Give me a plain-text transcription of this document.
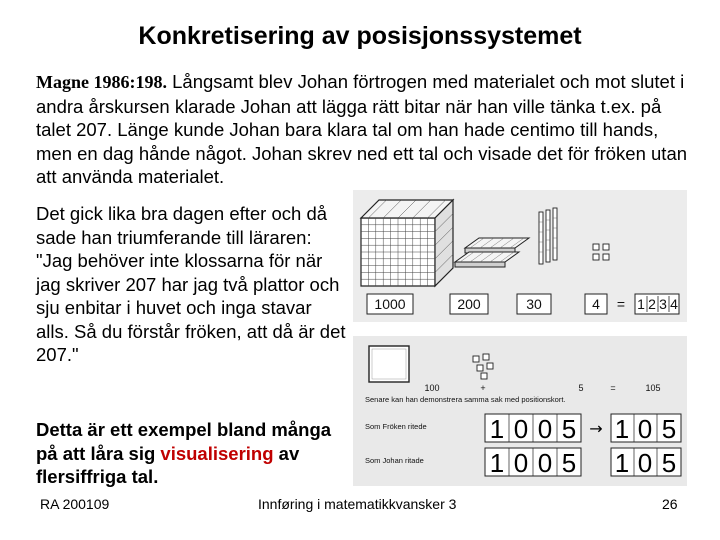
Konkretisering av posisjonssystemet
Magne 1986:198. Långsamt blev Johan förtrogen med materialet och mot slutet i andra årskursen klarade Johan att lägga rätt bitar när han ville tänka t.ex. på talet 207. Länge kunde Johan bara klara tal om han hade centimo till hands, men en dag hånde något. Johan skrev ned ett tal och visade det för fröken utan att använda materialet.
Det gick lika bra dagen efter och då sade han triumferande till läraren: "Jag behöver inte klossarna för när jag skriver 207 har jag två plattor och sju enbitar i huvet och inga stavar alls. Så du förstår fröken, att då är det 207."
Detta är ett exempel bland många på att låra sig visualisering av flersiffriga tal.
1000	200	30	4 = 1 2 3 4
100	+	5	=	105
Senare kan han demonstrera samma sak med positionskort.
Som Fröken ritede
Som Johan ritade
1 0 0 5 1 0 5
1 0 0 5 1 0 5
→
RA 200109	Innføring i matematikkvansker 3	26
